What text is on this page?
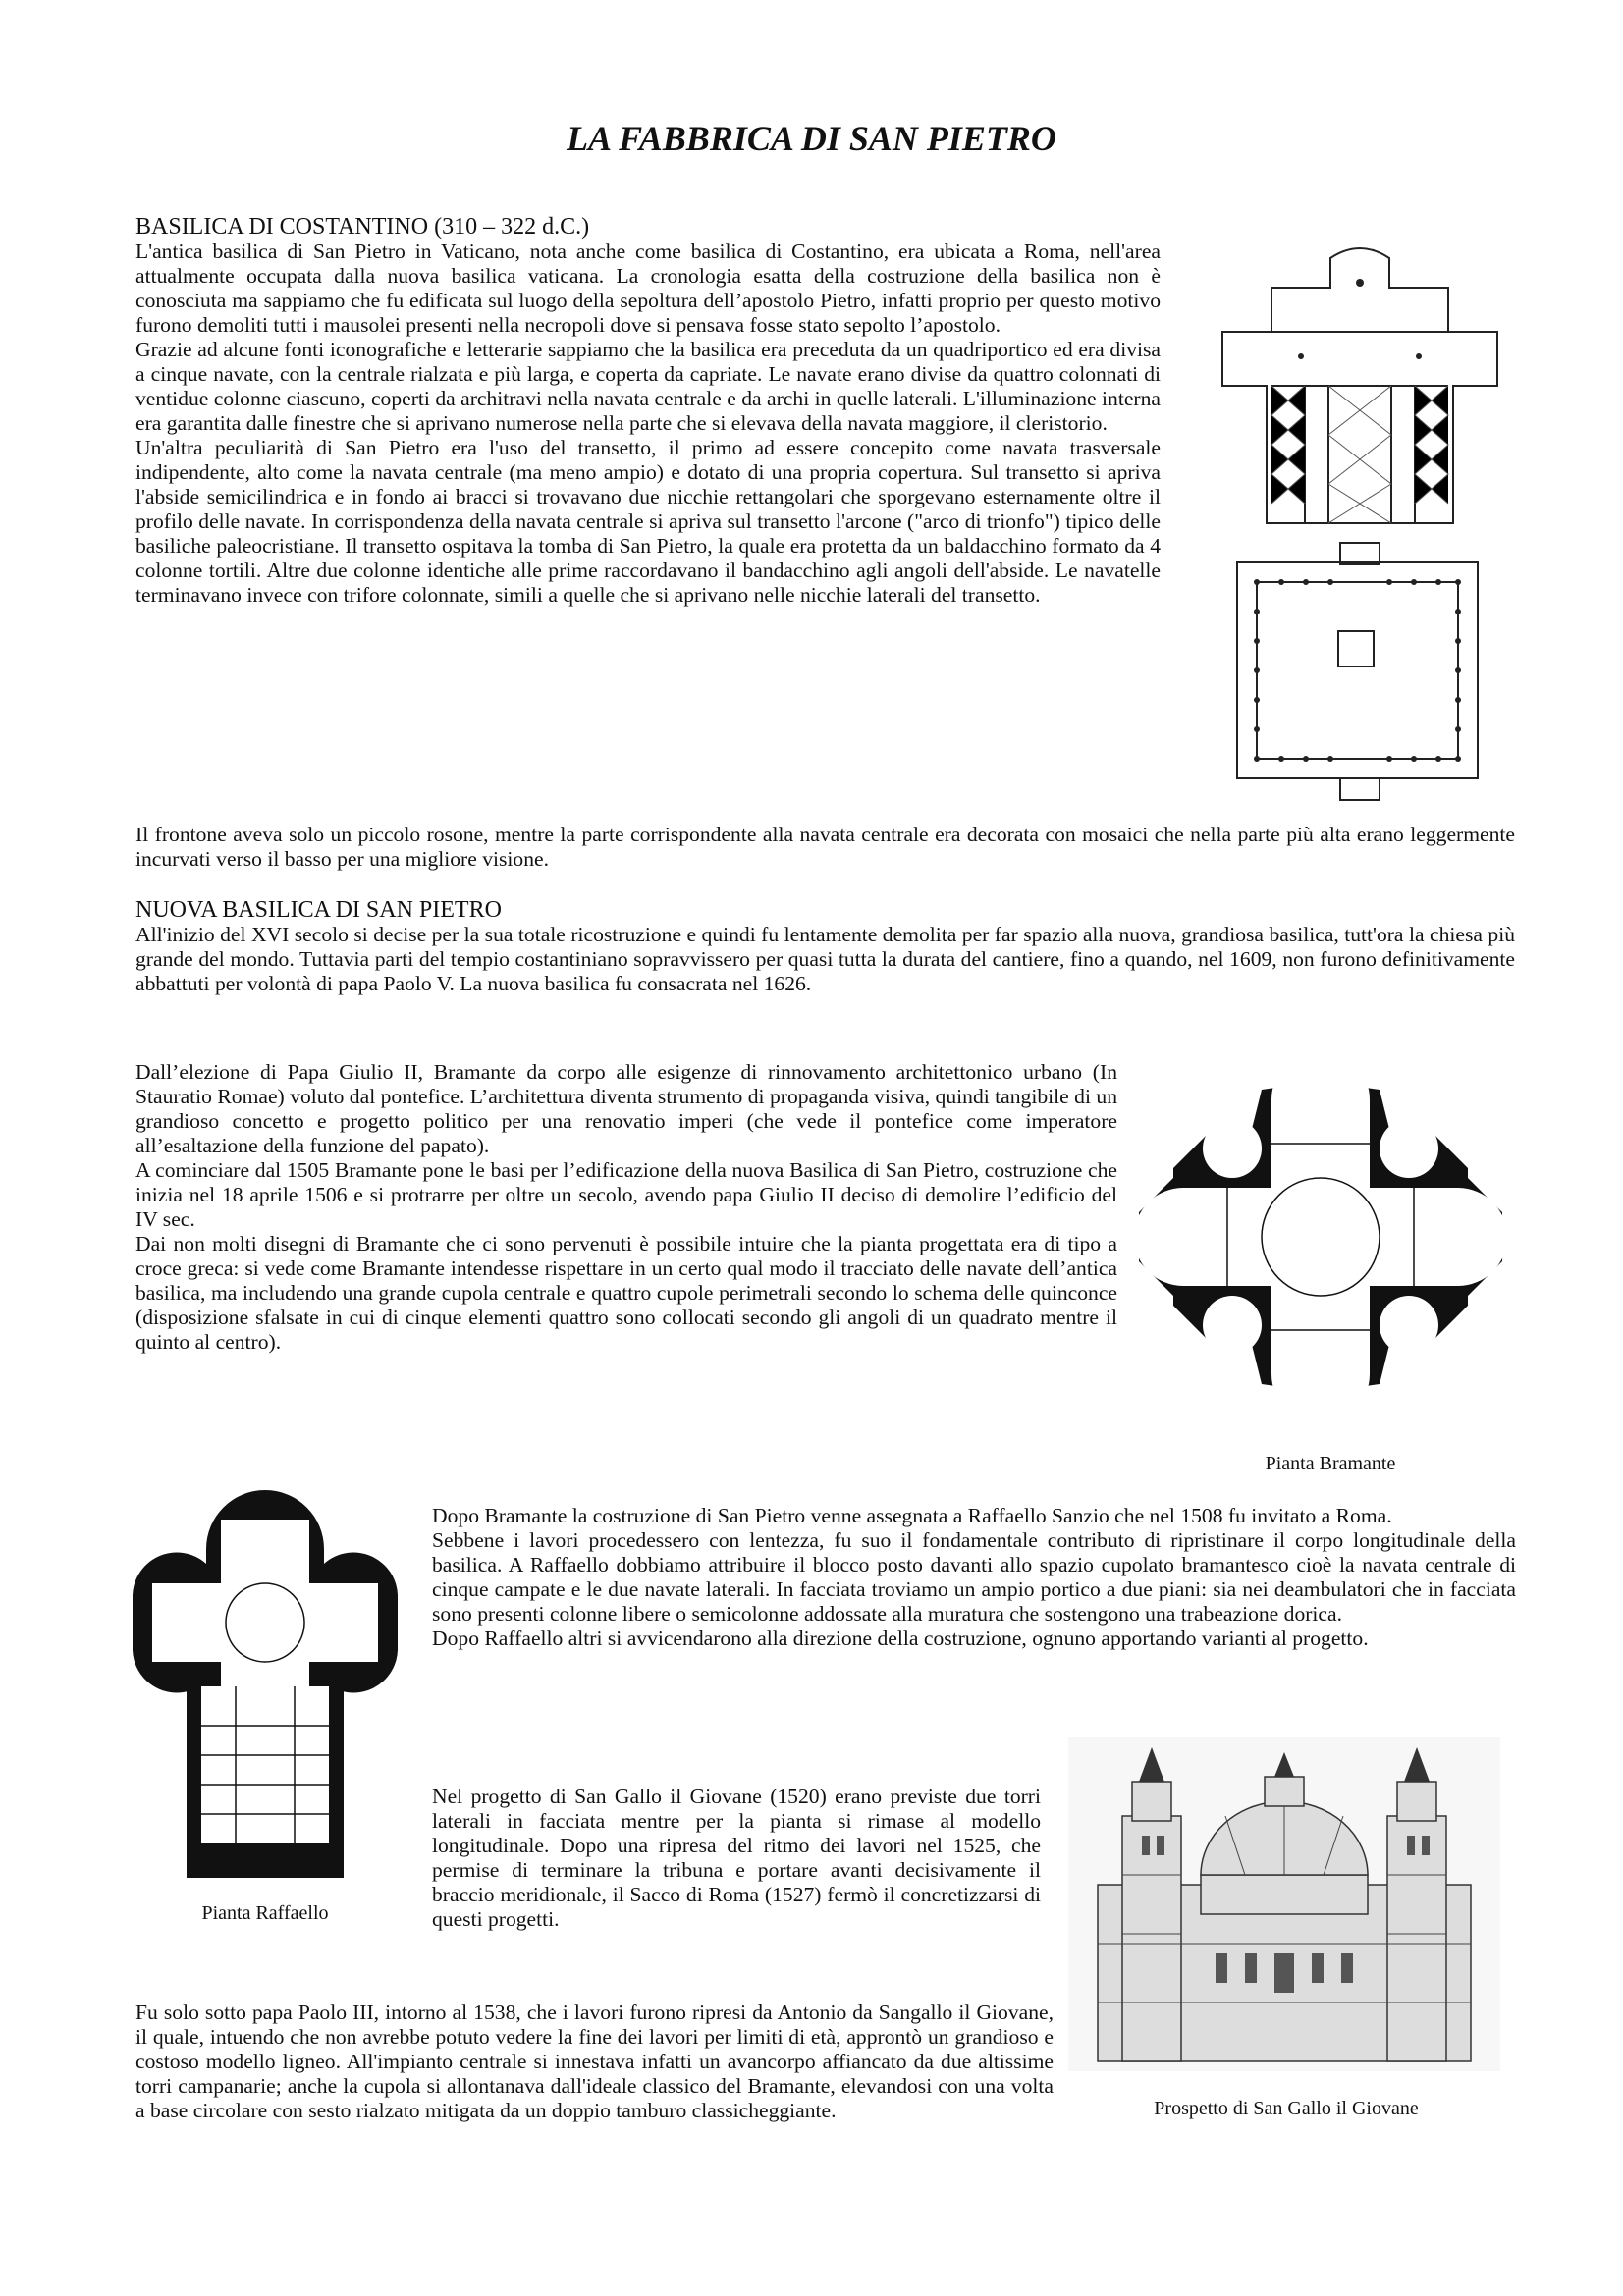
LA FABBRICA DI SAN PIETRO
BASILICA DI COSTANTINO (310 – 322 d.C.)

L'antica basilica di San Pietro in Vaticano, nota anche come basilica di Costantino, era ubicata a Roma, nell'area attualmente occupata dalla nuova basilica vaticana. La cronologia esatta della costruzione della basilica non è conosciuta ma sappiamo che fu edificata sul luogo della sepoltura dell’apostolo Pietro, infatti proprio per questo motivo furono demoliti tutti i mausolei presenti nella necropoli dove si pensava fosse stato sepolto l’apostolo.

Grazie ad alcune fonti iconografiche e letterarie sappiamo che la basilica era preceduta da un quadriportico ed era divisa a cinque navate, con la centrale rialzata e più larga, e coperta da capriate. Le navate erano divise da quattro colonnati di ventidue colonne ciascuno, coperti da architravi nella navata centrale e da archi in quelle laterali. L'illuminazione interna era garantita dalle finestre che si aprivano numerose nella parte che si elevava della navata maggiore, il cleristorio.

Un'altra peculiarità di San Pietro era l'uso del transetto, il primo ad essere concepito come navata trasversale indipendente, alto come la navata centrale (ma meno ampio) e dotato di una propria copertura. Sul transetto si apriva l'abside semicilindrica e in fondo ai bracci si trovavano due nicchie rettangolari che sporgevano esternamente oltre il profilo delle navate. In corrispondenza della navata centrale si apriva sul transetto l'arcone ("arco di trionfo") tipico delle basiliche paleocristiane. Il transetto ospitava la tomba di San Pietro, la quale era protetta da un baldacchino formato da 4 colonne tortili. Altre due colonne identiche alle prime raccordavano il bandacchino agli angoli dell'abside. Le navatelle terminavano invece con trifore colonnate, simili a quelle che si aprivano nelle nicchie laterali del transetto.

Il frontone aveva solo un piccolo rosone, mentre la parte corrispondente alla navata centrale era decorata con mosaici che nella parte più alta erano leggermente incurvati verso il basso per una migliore visione.

NUOVA BASILICA DI SAN PIETRO

All'inizio del XVI secolo si decise per la sua totale ricostruzione e quindi fu lentamente demolita per far spazio alla nuova, grandiosa basilica, tutt'ora la chiesa più grande del mondo. Tuttavia parti del tempio costantiniano sopravvissero per quasi tutta la durata del cantiere, fino a quando, nel 1609, non furono definitivamente abbattuti per volontà di papa Paolo V. La nuova basilica fu consacrata nel 1626.

Dall’elezione di Papa Giulio II, Bramante da corpo alle esigenze di rinnovamento architettonico urbano (In Stauratio Romae) voluto dal pontefice. L’architettura diventa strumento di propaganda visiva, quindi tangibile di un grandioso concetto e progetto politico per una renovatio imperi (che vede il pontefice come imperatore all’esaltazione della funzione del papato).

A cominciare dal 1505 Bramante pone le basi per l’edificazione della nuova Basilica di San Pietro, costruzione che inizia nel 18 aprile 1506 e si protrarre per oltre un secolo, avendo papa Giulio II deciso di demolire l’edificio del IV sec.

Dai non molti disegni di Bramante che ci sono pervenuti è possibile intuire che la pianta progettata era di tipo a croce greca: si vede come Bramante intendesse rispettare in un certo qual modo il tracciato delle navate dell’antica basilica, ma includendo una grande cupola centrale e quattro cupole perimetrali secondo lo schema delle quinconce (disposizione sfalsate in cui di cinque elementi quattro sono collocati secondo gli angoli di un quadrato mentre il quinto al centro).

Pianta Bramante
Pianta Raffaello

Dopo Bramante la costruzione di San Pietro venne assegnata a Raffaello Sanzio che nel 1508 fu invitato a Roma.

Sebbene i lavori procedessero con lentezza, fu suo il fondamentale contributo di ripristinare il corpo longitudinale della basilica. A Raffaello dobbiamo attribuire il blocco posto davanti allo spazio cupolato bramantesco cioè la navata centrale di cinque campate e le due navate laterali. In facciata troviamo un ampio portico a due piani: sia nei deambulatori che in facciata sono presenti colonne libere o semicolonne addossate alla muratura che sostengono una trabeazione dorica.

Dopo Raffaello altri si avvicendarono alla direzione della costruzione, ognuno apportando varianti al progetto.

Nel progetto di San Gallo il Giovane (1520) erano previste due torri laterali in facciata mentre per la pianta si rimase al modello longitudinale. Dopo una ripresa del ritmo dei lavori nel 1525, che permise di terminare la tribuna e portare avanti decisivamente il braccio meridionale, il Sacco di Roma (1527) fermò il concretizzarsi di questi progetti.

Prospetto di San Gallo il Giovane

Fu solo sotto papa Paolo III, intorno al 1538, che i lavori furono ripresi da Antonio da Sangallo il Giovane, il quale, intuendo che non avrebbe potuto vedere la fine dei lavori per limiti di età, approntò un grandioso e costoso modello ligneo. All'impianto centrale si innestava infatti un avancorpo affiancato da due altissime torri campanarie; anche la cupola si allontanava dall'ideale classico del Bramante, elevandosi con una volta a base circolare con sesto rialzato mitigata da un doppio tamburo classicheggiante.
